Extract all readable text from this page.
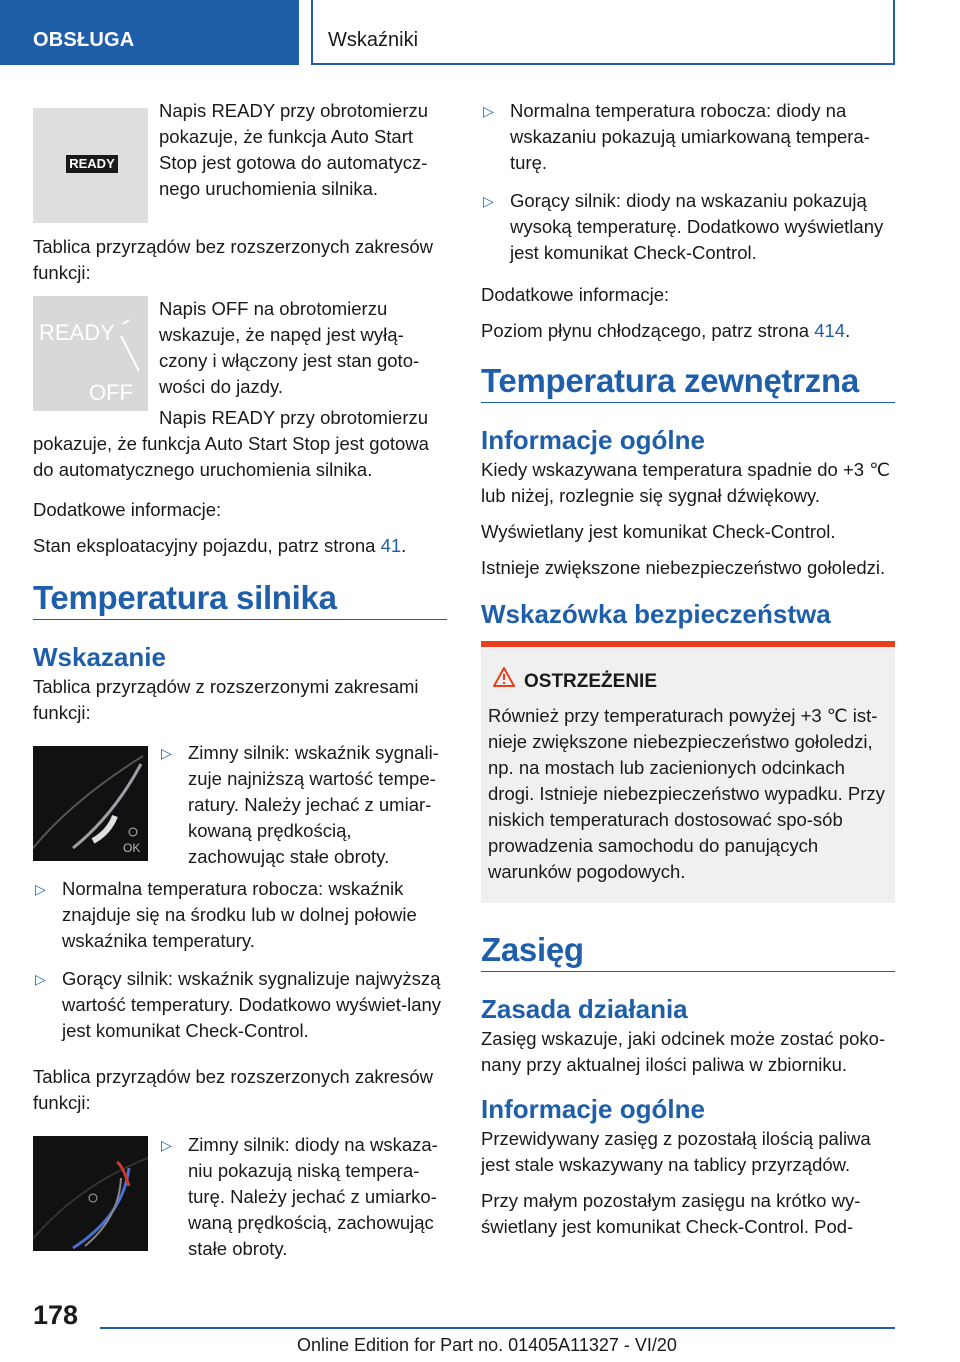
OBSŁUGA	Wskaźniki
READY
Napis READY przy obrotomierzu pokazuje, że funkcja Auto Start Stop jest gotowa do automatycz‐nego uruchomienia silnika.
Tablica przyrządów bez rozszerzonych zakresów funkcji:
READY
OFF
Napis OFF na obrotomierzu wskazuje, że napęd jest wyłą‐czony i włączony jest stan goto‐wości do jazdy.
Napis READY przy obrotomierzu
pokazuje, że funkcja Auto Start Stop jest gotowa do automatycznego uruchomienia silnika.
Dodatkowe informacje:
Stan eksploatacyjny pojazdu, patrz strona 41.
Temperatura silnika
Wskazanie
Tablica przyrządów z rozszerzonymi zakresami funkcji:
OK
▷ Zimny silnik: wskaźnik sygnali‐zuje najniższą wartość tempe‐ratury. Należy jechać z umiar‐kowaną prędkością, zachowując stałe obroty.
▷ Normalna temperatura robocza: wskaźnik znajduje się na środku lub w dolnej połowie wskaźnika temperatury.
▷ Gorący silnik: wskaźnik sygnalizuje najwyższą wartość temperatury. Dodatkowo wyświet‐lany jest komunikat Check-Control.
Tablica przyrządów bez rozszerzonych zakresów funkcji:
▷ Zimny silnik: diody na wskaza‐niu pokazują niską tempera‐turę. Należy jechać z umiarko‐waną prędkością, zachowując stałe obroty.
▷ Normalna temperatura robocza: diody na wskazaniu pokazują umiarkowaną tempera‐turę.
▷ Gorący silnik: diody na wskazaniu pokazują wysoką temperaturę. Dodatkowo wyświetlany jest komunikat Check-Control.
Dodatkowe informacje:
Poziom płynu chłodzącego, patrz strona 414.
Temperatura zewnętrzna
Informacje ogólne
Kiedy wskazywana temperatura spadnie do +3 ℃ lub niżej, rozlegnie się sygnał dźwiękowy.
Wyświetlany jest komunikat Check-Control.
Istnieje zwiększone niebezpieczeństwo gołoledzi.
Wskazówka bezpieczeństwa
OSTRZEŻENIE
Również przy temperaturach powyżej +3 ℃ ist‐nieje zwiększone niebezpieczeństwo gołoledzi, np. na mostach lub zacienionych odcinkach drogi. Istnieje niebezpieczeństwo wypadku. Przy niskich temperaturach dostosować spo‐sób prowadzenia samochodu do panujących warunków pogodowych.
Zasięg
Zasada działania
Zasięg wskazuje, jaki odcinek może zostać poko‐nany przy aktualnej ilości paliwa w zbiorniku.
Informacje ogólne
Przewidywany zasięg z pozostałą ilością paliwa jest stale wskazywany na tablicy przyrządów.
Przy małym pozostałym zasięgu na krótko wy‐świetlany jest komunikat Check-Control. Pod‐
178
Online Edition for Part no. 01405A11327 - VI/20
